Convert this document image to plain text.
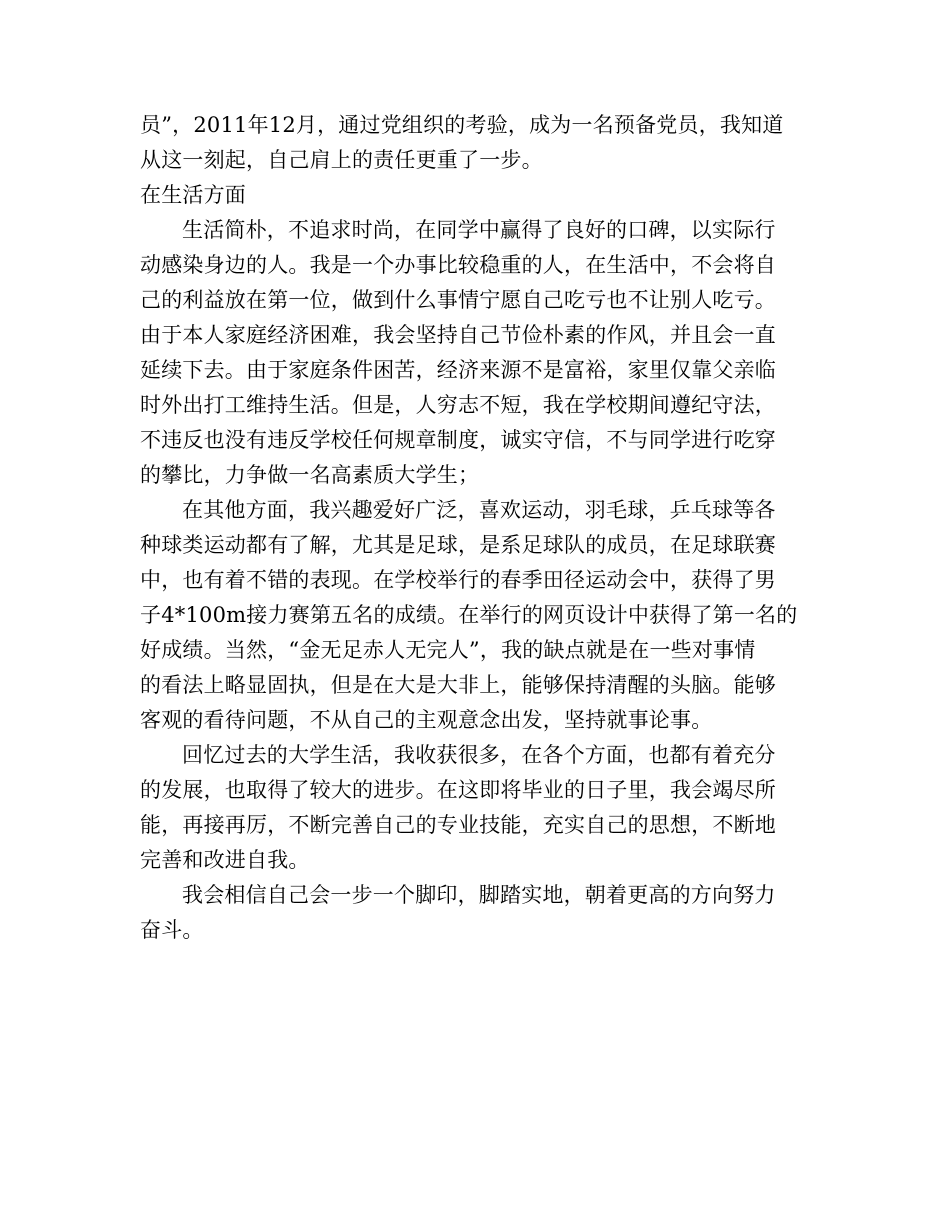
员”，2011年12月，通过党组织的考验，成为一名预备党员，我知道
从这一刻起，自己肩上的责任更重了一步。
在生活方面
生活简朴，不追求时尚，在同学中赢得了良好的口碑，以实际行
动感染身边的人。我是一个办事比较稳重的人，在生活中，不会将自
己的利益放在第一位，做到什么事情宁愿自己吃亏也不让别人吃亏。
由于本人家庭经济困难，我会坚持自己节俭朴素的作风，并且会一直
延续下去。由于家庭条件困苦，经济来源不是富裕，家里仅靠父亲临
时外出打工维持生活。但是，人穷志不短，我在学校期间遵纪守法，
不违反也没有违反学校任何规章制度，诚实守信，不与同学进行吃穿
的攀比，力争做一名高素质大学生；
在其他方面，我兴趣爱好广泛，喜欢运动，羽毛球，乒乓球等各
种球类运动都有了解，尤其是足球，是系足球队的成员，在足球联赛
中，也有着不错的表现。在学校举行的春季田径运动会中，获得了男
子4*100m接力赛第五名的成绩。在举行的网页设计中获得了第一名的
好成绩。当然，“金无足赤人无完人”，我的缺点就是在一些对事情
的看法上略显固执，但是在大是大非上，能够保持清醒的头脑。能够
客观的看待问题，不从自己的主观意念出发，坚持就事论事。
回忆过去的大学生活，我收获很多，在各个方面，也都有着充分
的发展，也取得了较大的进步。在这即将毕业的日子里，我会竭尽所
能，再接再厉，不断完善自己的专业技能，充实自己的思想，不断地
完善和改进自我。
我会相信自己会一步一个脚印，脚踏实地，朝着更高的方向努力
奋斗。
